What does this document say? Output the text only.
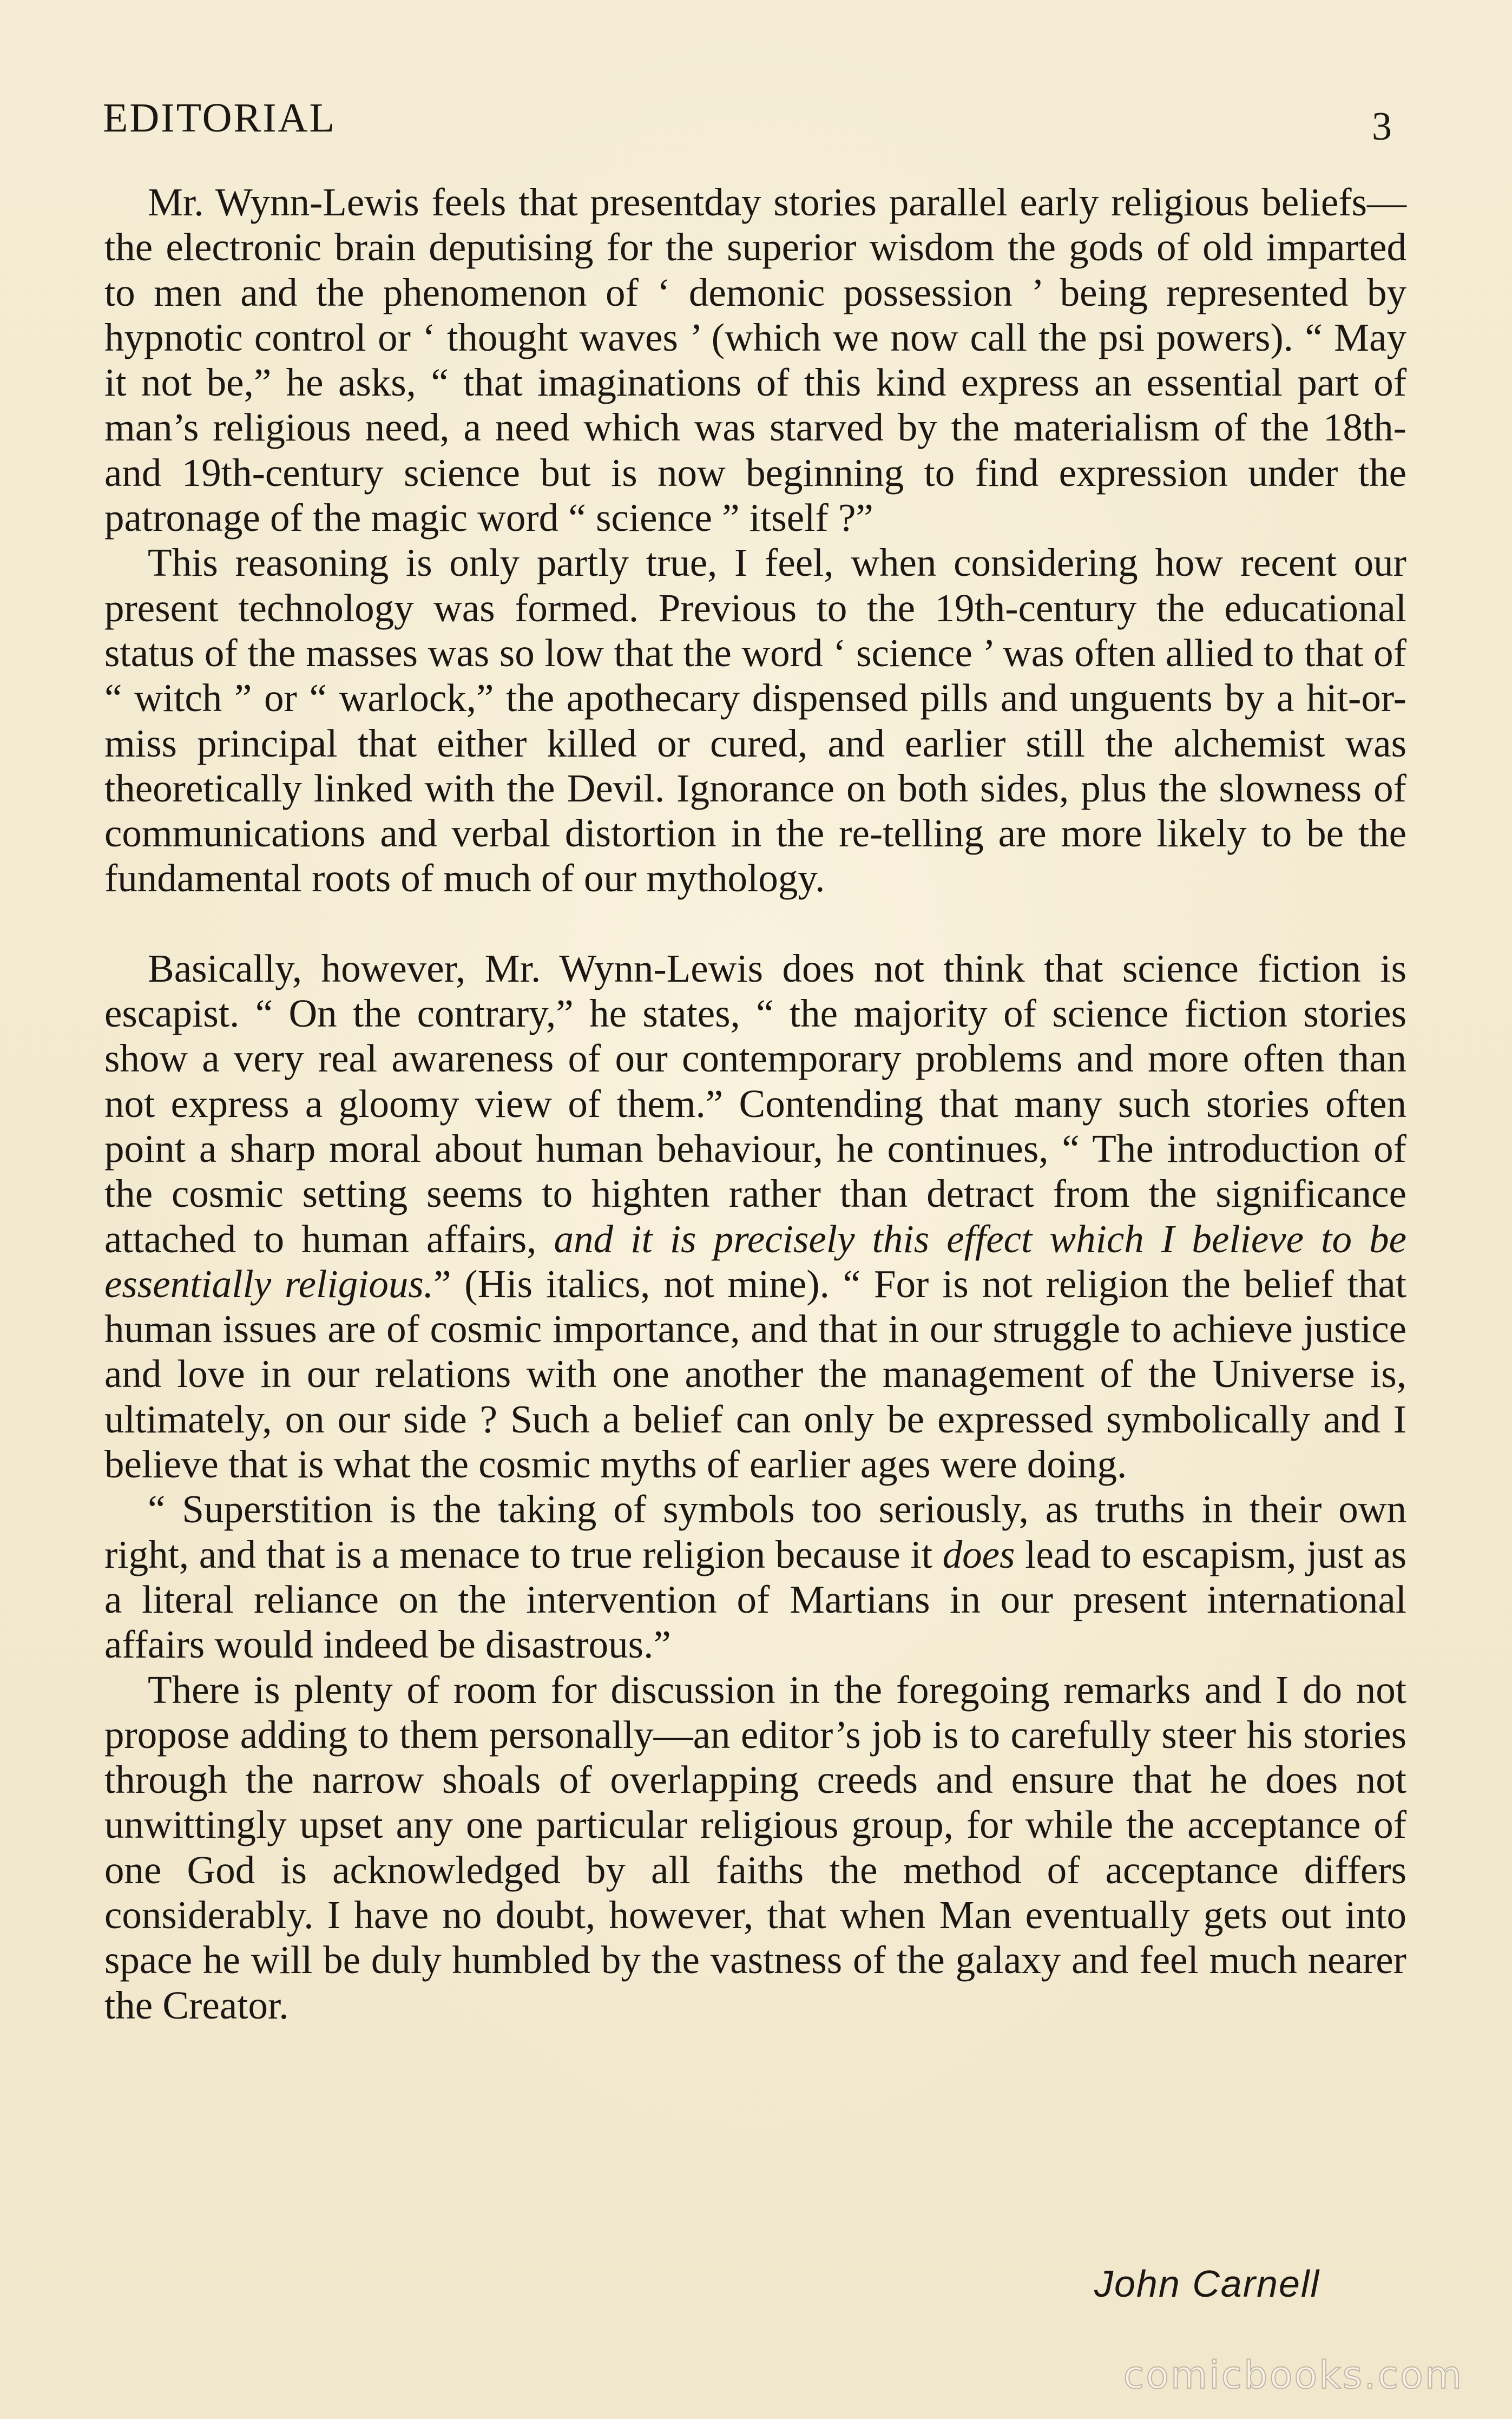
EDITORIAL	3

Mr. Wynn-Lewis feels that presentday stories parallel early religious beliefs—the electronic brain deputising for the superior wisdom the gods of old imparted to men and the phenomenon of ‘ demonic possession ’ being represented by hypnotic control or ‘ thought waves ’ (which we now call the psi powers). “ May it not be,” he asks, “ that imaginations of this kind express an essential part of man’s religious need, a need which was starved by the materialism of the 18th-and 19th-century science but is now beginning to find expression under the patronage of the magic word “ science ” itself ?”

This reasoning is only partly true, I feel, when considering how recent our present technology was formed. Previous to the 19th-century the educational status of the masses was so low that the word ‘ science ’ was often allied to that of “ witch ” or “ warlock,” the apothecary dispensed pills and unguents by a hit-or-miss principal that either killed or cured, and earlier still the alchemist was theoretically linked with the Devil. Ignorance on both sides, plus the slowness of communications and verbal distortion in the re-telling are more likely to be the fundamental roots of much of our mythology.

Basically, however, Mr. Wynn-Lewis does not think that science fiction is escapist. “ On the contrary,” he states, “ the majority of science fiction stories show a very real awareness of our contemporary problems and more often than not express a gloomy view of them.” Contending that many such stories often point a sharp moral about human behaviour, he continues, “ The introduction of the cosmic setting seems to highten rather than detract from the significance attached to human affairs, and it is precisely this effect which I believe to be essentially religious.” (His italics, not mine). “ For is not religion the belief that human issues are of cosmic importance, and that in our struggle to achieve justice and love in our relations with one another the management of the Universe is, ultimately, on our side ? Such a belief can only be expressed symbolically and I believe that is what the cosmic myths of earlier ages were doing.

“ Superstition is the taking of symbols too seriously, as truths in their own right, and that is a menace to true religion because it does lead to escapism, just as a literal reliance on the intervention of Martians in our present international affairs would indeed be disastrous.”

There is plenty of room for discussion in the foregoing remarks and I do not propose adding to them personally—an editor’s job is to carefully steer his stories through the narrow shoals of overlapping creeds and ensure that he does not unwittingly upset any one particular religious group, for while the acceptance of one God is acknowledged by all faiths the method of acceptance differs considerably. I have no doubt, however, that when Man eventually gets out into space he will be duly humbled by the vastness of the galaxy and feel much nearer the Creator.

John Carnell
comicbooks.com
